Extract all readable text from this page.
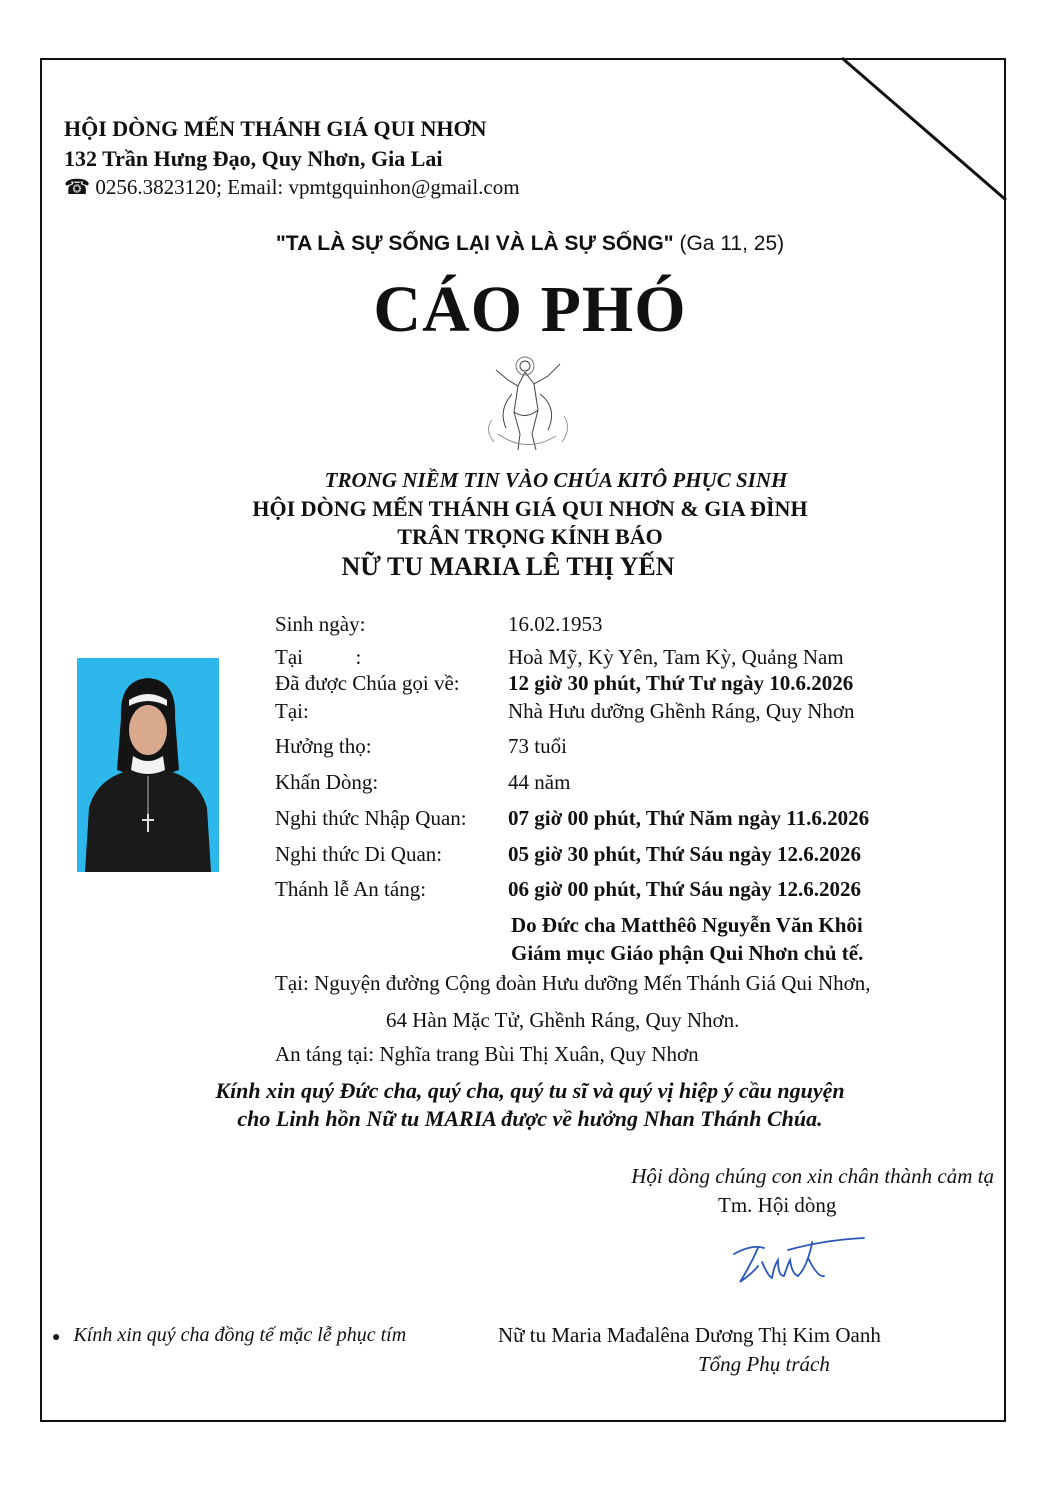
HỘI DÒNG MẾN THÁNH GIÁ QUI NHƠN
132 Trần Hưng Đạo, Quy Nhơn, Gia Lai
☎ 0256.3823120; Email: vpmtgquinhon@gmail.com
"TA LÀ SỰ SỐNG LẠI VÀ LÀ SỰ SỐNG" (Ga 11, 25)
CÁO PHÓ
TRONG NIỀM TIN VÀO CHÚA KITÔ PHỤC SINH
HỘI DÒNG MẾN THÁNH GIÁ QUI NHƠN & GIA ĐÌNH
TRÂN TRỌNG KÍNH BÁO
NỮ TU MARIA LÊ THỊ YẾN
Sinh ngày:	16.02.1953
Tại          :	Hoà Mỹ, Kỳ Yên, Tam Kỳ, Quảng Nam
Đã được Chúa gọi về: 12 giờ 30 phút, Thứ Tư ngày 10.6.2026
Tại:	Nhà Hưu dưỡng Ghềnh Ráng, Quy Nhơn
Hưởng thọ:	73 tuổi
Khấn Dòng:	44 năm
Nghi thức Nhập Quan: 07 giờ 00 phút, Thứ Năm ngày 11.6.2026
Nghi thức Di Quan:	05 giờ 30 phút, Thứ Sáu ngày 12.6.2026
Thánh lễ An táng:	06 giờ 00 phút, Thứ Sáu ngày 12.6.2026
Do Đức cha Matthêô Nguyễn Văn Khôi
Giám mục Giáo phận Qui Nhơn chủ tế.
Tại: Nguyện đường Cộng đoàn Hưu dưỡng Mến Thánh Giá Qui Nhơn,
64 Hàn Mặc Tử, Ghềnh Ráng, Quy Nhơn.
An táng tại: Nghĩa trang Bùi Thị Xuân, Quy Nhơn
Kính xin quý Đức cha, quý cha, quý tu sĩ và quý vị hiệp ý cầu nguyện
cho Linh hồn Nữ tu MARIA được về hưởng Nhan Thánh Chúa.
Hội dòng chúng con xin chân thành cảm tạ
Tm. Hội dòng
● Kính xin quý cha đồng tế mặc lễ phục tím	Nữ tu Maria Mađalêna Dương Thị Kim Oanh
Tổng Phụ trách
